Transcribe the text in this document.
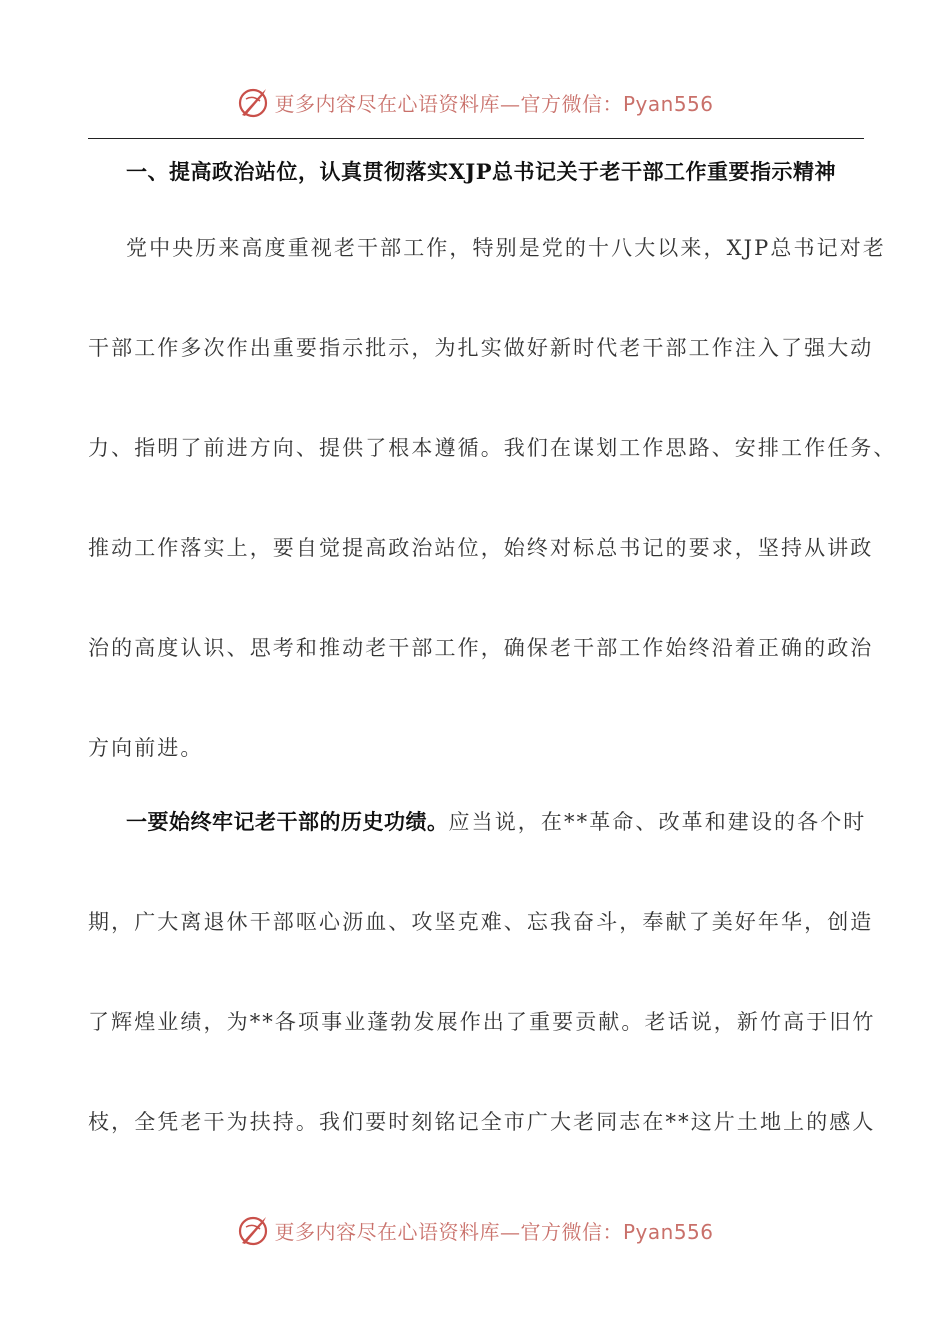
更多内容尽在心语资料库—官方微信：Pyan556
一、提高政治站位，认真贯彻落实XJP总书记关于老干部工作重要指示精神
党中央历来高度重视老干部工作，特别是党的十八大以来，XJP总书记对老
干部工作多次作出重要指示批示，为扎实做好新时代老干部工作注入了强大动
力、指明了前进方向、提供了根本遵循。我们在谋划工作思路、安排工作任务、
推动工作落实上，要自觉提高政治站位，始终对标总书记的要求，坚持从讲政
治的高度认识、思考和推动老干部工作，确保老干部工作始终沿着正确的政治
方向前进。
一要始终牢记老干部的历史功绩。应当说，在**革命、改革和建设的各个时
期，广大离退休干部呕心沥血、攻坚克难、忘我奋斗，奉献了美好年华，创造
了辉煌业绩，为**各项事业蓬勃发展作出了重要贡献。老话说，新竹高于旧竹
枝，全凭老干为扶持。我们要时刻铭记全市广大老同志在**这片土地上的感人
更多内容尽在心语资料库—官方微信：Pyan556
